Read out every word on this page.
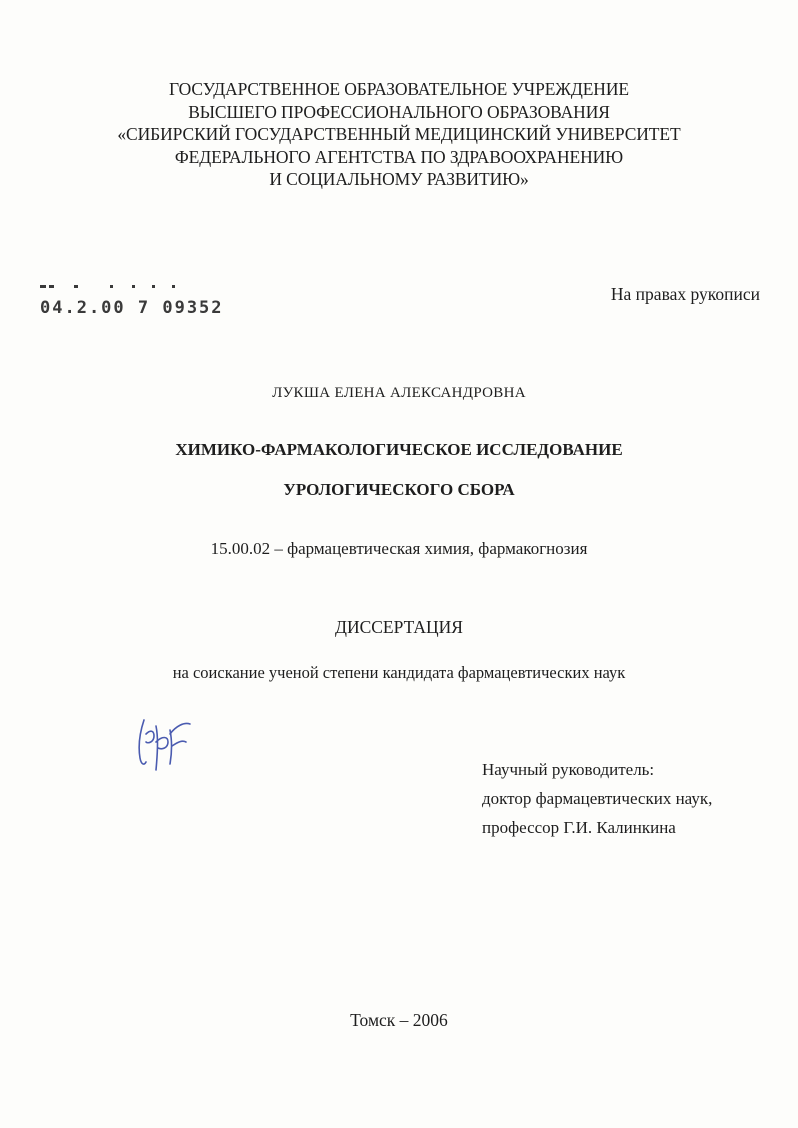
ГОСУДАРСТВЕННОЕ ОБРАЗОВАТЕЛЬНОЕ УЧРЕЖДЕНИЕ
ВЫСШЕГО ПРОФЕССИОНАЛЬНОГО ОБРАЗОВАНИЯ
«СИБИРСКИЙ ГОСУДАРСТВЕННЫЙ МЕДИЦИНСКИЙ УНИВЕРСИТЕТ
ФЕДЕРАЛЬНОГО АГЕНТСТВА ПО ЗДРАВООХРАНЕНИЮ
И СОЦИАЛЬНОМУ РАЗВИТИЮ»
04.2.00 7 09352
На правах рукописи
ЛУКША ЕЛЕНА АЛЕКСАНДРОВНА
ХИМИКО-ФАРМАКОЛОГИЧЕСКОЕ ИССЛЕДОВАНИЕ
УРОЛОГИЧЕСКОГО СБОРА
15.00.02 – фармацевтическая химия, фармакогнозия
ДИССЕРТАЦИЯ
на соискание ученой степени кандидата фармацевтических наук
Научный руководитель:
доктор фармацевтических наук,
профессор Г.И. Калинкина
Томск – 2006
